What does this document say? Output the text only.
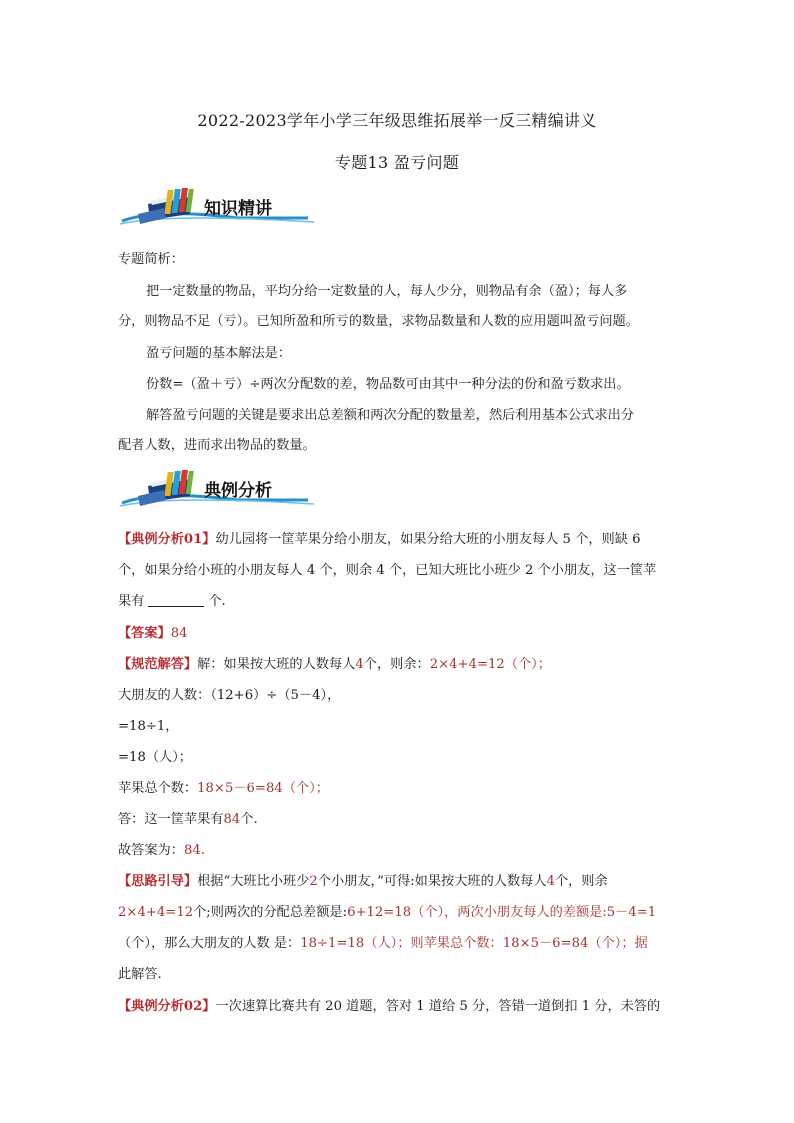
2022-2023学年小学三年级思维拓展举一反三精编讲义
专题13 盈亏问题
知识精讲
专题简析：
把一定数量的物品，平均分给一定数量的人，每人少分，则物品有余（盈）；每人多
分，则物品不足（亏）。已知所盈和所亏的数量，求物品数量和人数的应用题叫盈亏问题。
盈亏问题的基本解法是：
份数=（盈＋亏）÷两次分配数的差，物品数可由其中一种分法的份和盈亏数求出。
解答盈亏问题的关键是要求出总差额和两次分配的数量差，然后利用基本公式求出分
配者人数，进而求出物品的数量。
典例分析
【典例分析01】幼儿园将一筐苹果分给小朋友，如果分给大班的小朋友每人 5 个，则缺 6
个，如果分给小班的小朋友每人 4 个，则余 4 个，已知大班比小班少 2 个小朋友，这一筐苹
果有	个.
【答案】84
【规范解答】解：如果按大班的人数每人4个，则余：2×4+4=12（个）；
大朋友的人数：（12+6）÷（5－4），
=18÷1，
=18（人）；
苹果总个数：18×5－6=84（个）；
答：这一筐苹果有84个.
故答案为：84.
【思路引导】根据“大班比小班少2个小朋友，”可得:如果按大班的人数每人4个，则余
2×4+4=12个;则两次的分配总差额是:6+12=18（个），两次小朋友每人的差额是:5－4=1
（个），那么大朋友的人数 是：18÷1=18（人）；则苹果总个数：18×5－6=84（个）；据
此解答.
【典例分析02】一次速算比赛共有 20 道题，答对 1 道给 5 分，答错一道倒扣 1 分，未答的
